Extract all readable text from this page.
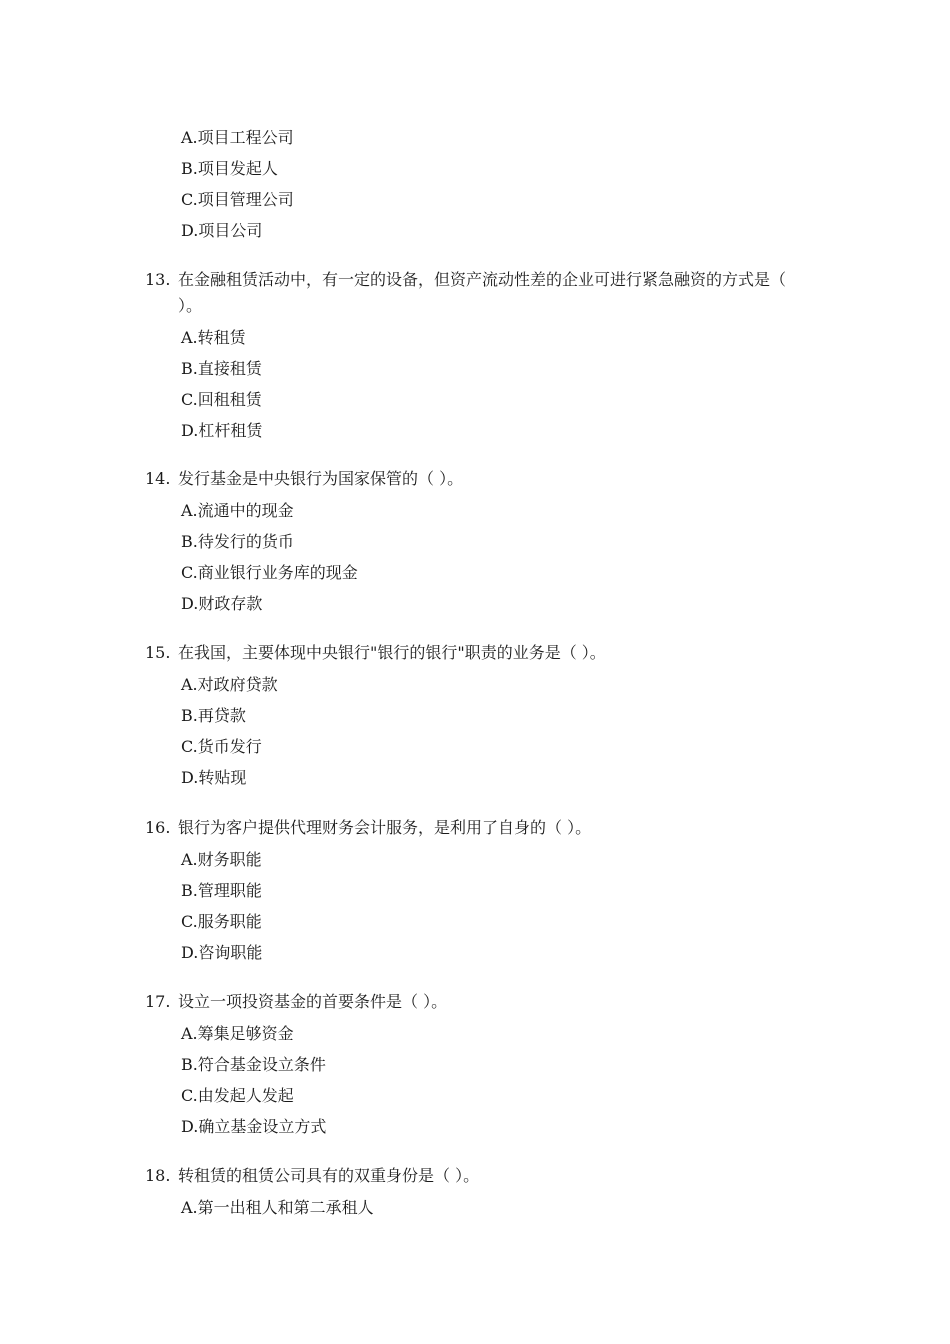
A.项目工程公司
B.项目发起人
C.项目管理公司
D.项目公司
13. 在金融租赁活动中，有一定的设备，但资产流动性差的企业可进行紧急融资的方式是（ ）。
A.转租赁
B.直接租赁
C.回租租赁
D.杠杆租赁
14. 发行基金是中央银行为国家保管的（ ）。
A.流通中的现金
B.待发行的货币
C.商业银行业务库的现金
D.财政存款
15. 在我国，主要体现中央银行"银行的银行"职责的业务是（ ）。
A.对政府贷款
B.再贷款
C.货币发行
D.转贴现
16. 银行为客户提供代理财务会计服务，是利用了自身的（ ）。
A.财务职能
B.管理职能
C.服务职能
D.咨询职能
17. 设立一项投资基金的首要条件是（ ）。
A.筹集足够资金
B.符合基金设立条件
C.由发起人发起
D.确立基金设立方式
18. 转租赁的租赁公司具有的双重身份是（ ）。
A.第一出租人和第二承租人
